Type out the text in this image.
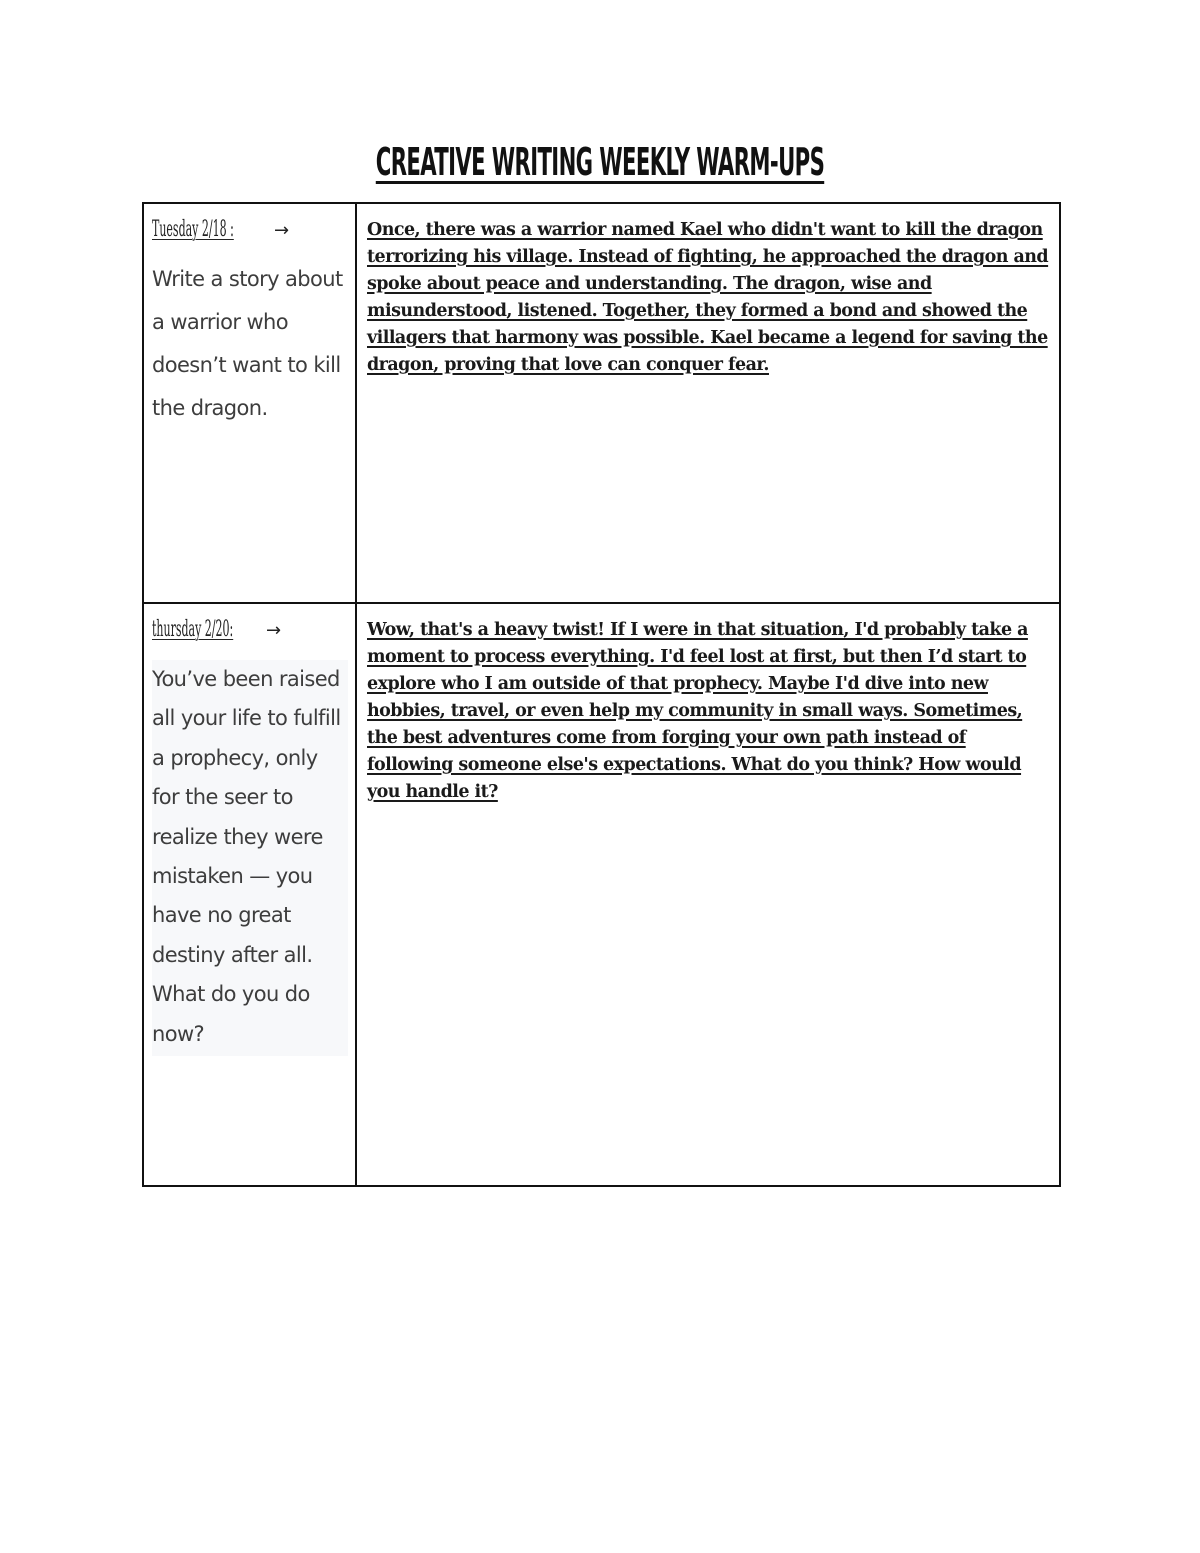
CREATIVE WRITING WEEKLY WARM-UPS
Tuesday 2/18 :	→
Write a story about a warrior who doesn’t want to kill the dragon.

Once, there was a warrior named Kael who didn't want to kill the dragon terrorizing his village. Instead of fighting, he approached the dragon and spoke about peace and understanding. The dragon, wise and misunderstood, listened. Together, they formed a bond and showed the villagers that harmony was possible. Kael became a legend for saving the dragon, proving that love can conquer fear.

thursday 2/20:	→
You’ve been raised all your life to fulfill a prophecy, only for the seer to realize they were mistaken — you have no great destiny after all. What do you do now?

Wow, that's a heavy twist! If I were in that situation, I'd probably take a moment to process everything. I'd feel lost at first, but then I’d start to explore who I am outside of that prophecy. Maybe I'd dive into new hobbies, travel, or even help my community in small ways. Sometimes, the best adventures come from forging your own path instead of following someone else's expectations. What do you think? How would you handle it?
